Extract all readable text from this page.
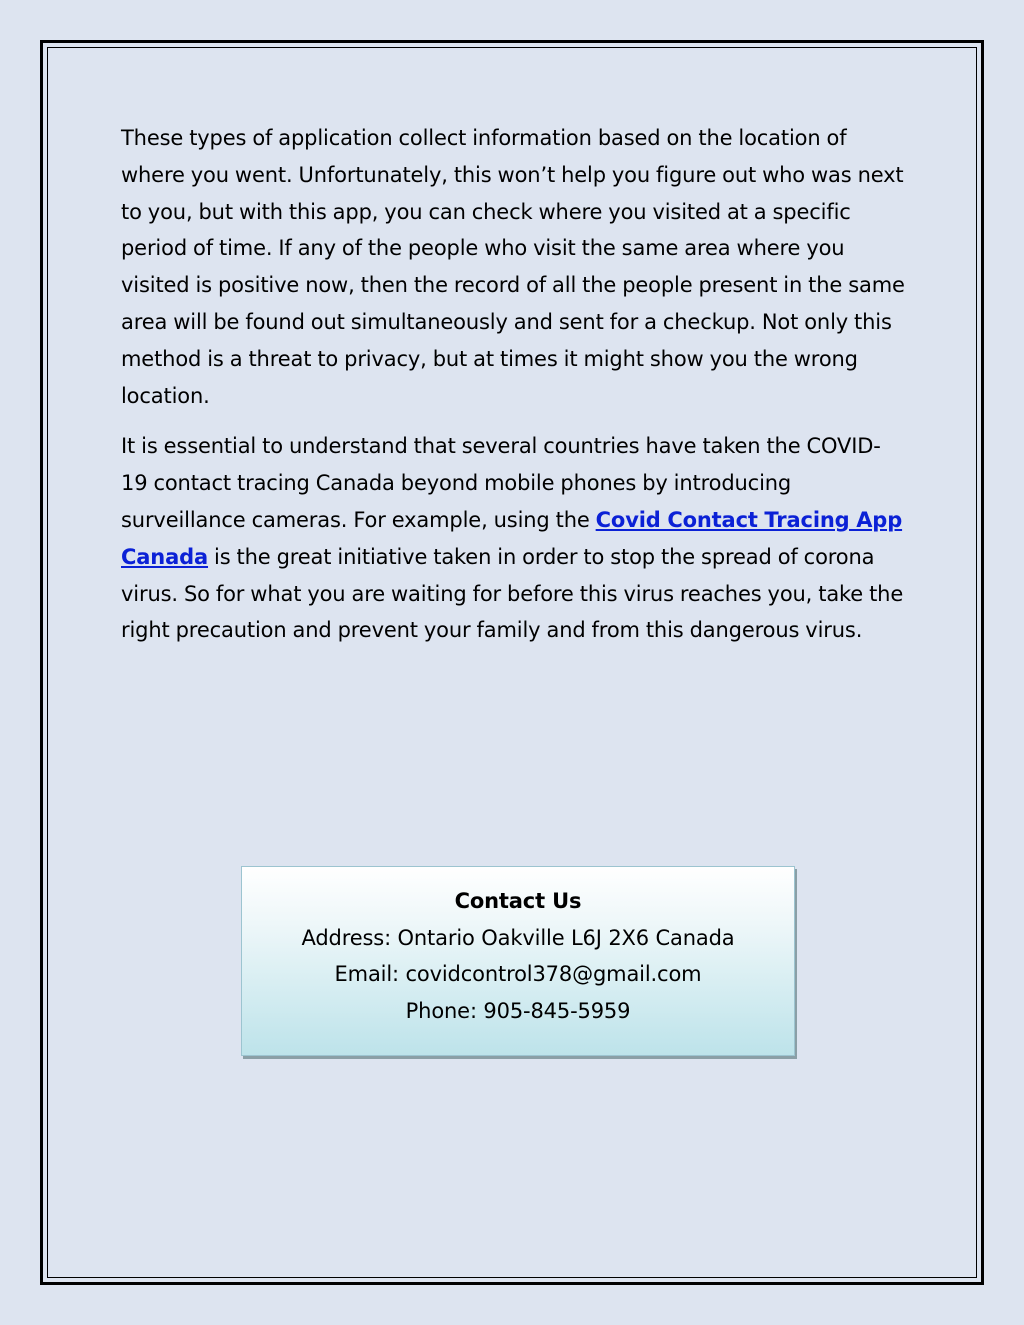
These types of application collect information based on the location of
where you went. Unfortunately, this won’t help you figure out who was next
to you, but with this app, you can check where you visited at a specific
period of time. If any of the people who visit the same area where you
visited is positive now, then the record of all the people present in the same
area will be found out simultaneously and sent for a checkup. Not only this
method is a threat to privacy, but at times it might show you the wrong
location.

It is essential to understand that several countries have taken the COVID-
19 contact tracing Canada beyond mobile phones by introducing
surveillance cameras. For example, using the Covid Contact Tracing App
Canada is the great initiative taken in order to stop the spread of corona
virus. So for what you are waiting for before this virus reaches you, take the
right precaution and prevent your family and from this dangerous virus.

Contact Us
Address: Ontario Oakville L6J 2X6 Canada
Email: covidcontrol378@gmail.com
Phone: 905-845-5959
